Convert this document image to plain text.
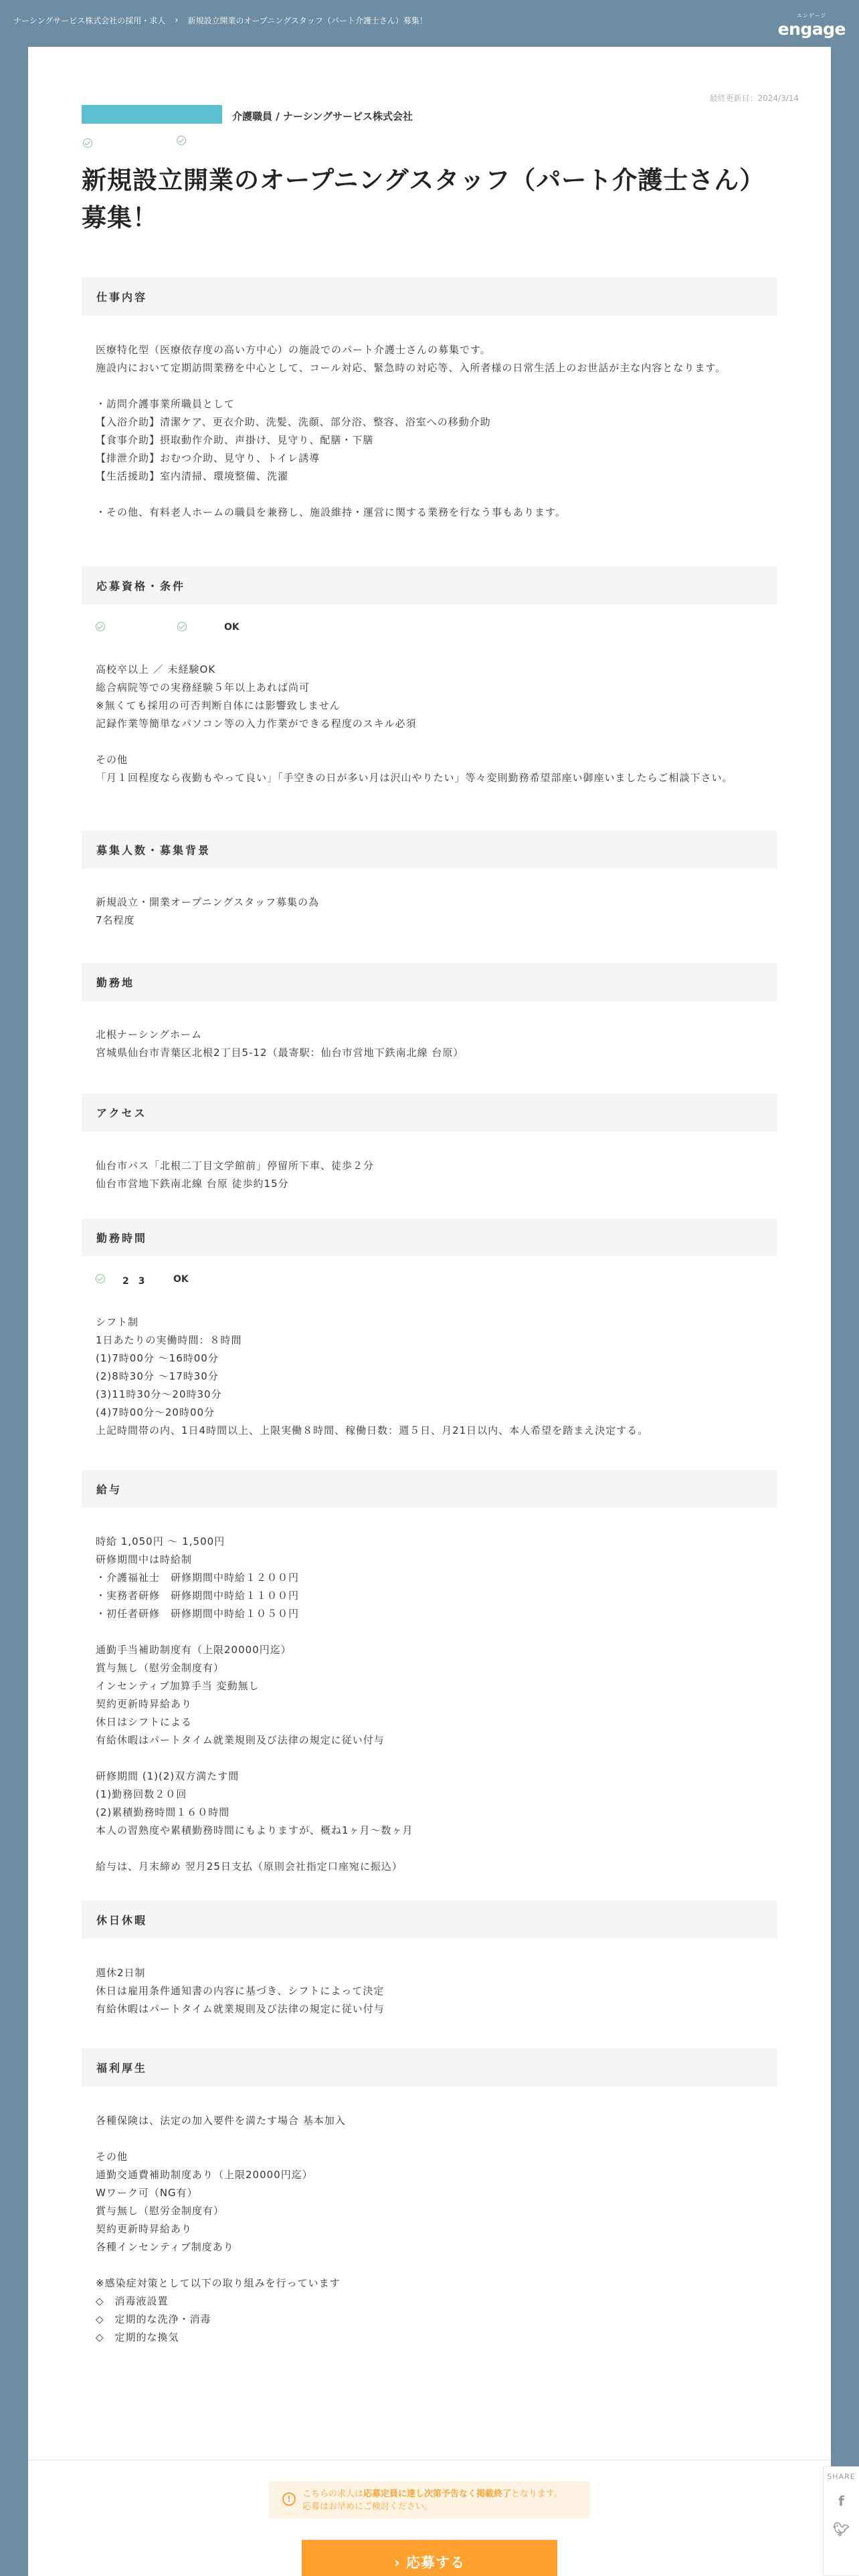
ナーシングサービス株式会社の採用・求人 › 新規設立開業のオープニングスタッフ（パート介護士さん）募集！
エンゲージ
engage
最終更新日：2024/3/14
介護職員 / ナーシングサービス株式会社
新規設立開業のオープニングスタッフ（パート介護士さん）募集！
仕事内容
医療特化型（医療依存度の高い方中心）の施設でのパート介護士さんの募集です。
施設内において定期訪問業務を中心として、コール対応、緊急時の対応等、入所者様の日常生活上のお世話が主な内容となります。

・訪問介護事業所職員として
【入浴介助】清潔ケア、更衣介助、洗髪、洗顔、部分浴、整容、浴室への移動介助
【食事介助】摂取動作介助、声掛け、見守り、配膳・下膳
【排泄介助】おむつ介助、見守り、トイレ誘導
【生活援助】室内清掃、環境整備、洗濯

・その他、有料老人ホームの職員を兼務し、施設維持・運営に関する業務を行なう事もあります。
応募資格・条件
OK
高校卒以上 ／ 未経験OK
総合病院等での実務経験５年以上あれば尚可
※無くても採用の可否判断自体には影響致しません
記録作業等簡単なパソコン等の入力作業ができる程度のスキル必須

その他
「月１回程度なら夜勤もやって良い」「手空きの日が多い月は沢山やりたい」等々変則勤務希望部座い御座いましたらご相談下さい。
募集人数・募集背景
新規設立・開業オープニングスタッフ募集の為
7名程度
勤務地
北根ナーシングホーム
宮城県仙台市青葉区北根2丁目5-12（最寄駅：仙台市営地下鉄南北線 台原）
アクセス
仙台市バス「北根二丁目文学館前」停留所下車、徒歩２分
仙台市営地下鉄南北線 台原 徒歩約15分
勤務時間
2　3	OK
シフト制
1日あたりの実働時間：８時間
(1)7時00分 ～16時00分
(2)8時30分 ～17時30分
(3)11時30分～20時30分
(4)7時00分～20時00分
上記時間帯の内、1日4時間以上、上限実働８時間、稼働日数：週５日、月21日以内、本人希望を踏まえ決定する。
給与
時給 1,050円 ～ 1,500円
研修期間中は時給制
・介護福祉士　研修期間中時給１２００円
・実務者研修　研修期間中時給１１００円
・初任者研修　研修期間中時給１０５０円

通勤手当補助制度有（上限20000円迄）
賞与無し（慰労金制度有）
インセンティブ加算手当 変動無し
契約更新時昇給あり
休日はシフトによる
有給休暇はパートタイム就業規則及び法律の規定に従い付与

研修期間 (1)(2)双方満たす間
(1)勤務回数２０回
(2)累積勤務時間１６０時間
本人の習熟度や累積勤務時間にもよりますが、概ね1ヶ月～数ヶ月

給与は、月末締め 翌月25日支払（原則会社指定口座宛に振込）
休日休暇
週休2日制
休日は雇用条件通知書の内容に基づき、シフトによって決定
有給休暇はパートタイム就業規則及び法律の規定に従い付与
福利厚生
各種保険は、法定の加入要件を満たす場合 基本加入

その他
通勤交通費補助制度あり（上限20000円迄）
Wワーク可（NG有）
賞与無し（慰労金制度有）
契約更新時昇給あり
各種インセンティブ制度あり

※感染症対策として以下の取り組みを行っています
◇　消毒液設置
◇　定期的な洗浄・消毒
◇　定期的な換気
!	こちらの求人は応募定員に達し次第予告なく掲載終了となります。
応募はお早めにご検討ください。
› 応募する
SHARE
f
🐦︎
